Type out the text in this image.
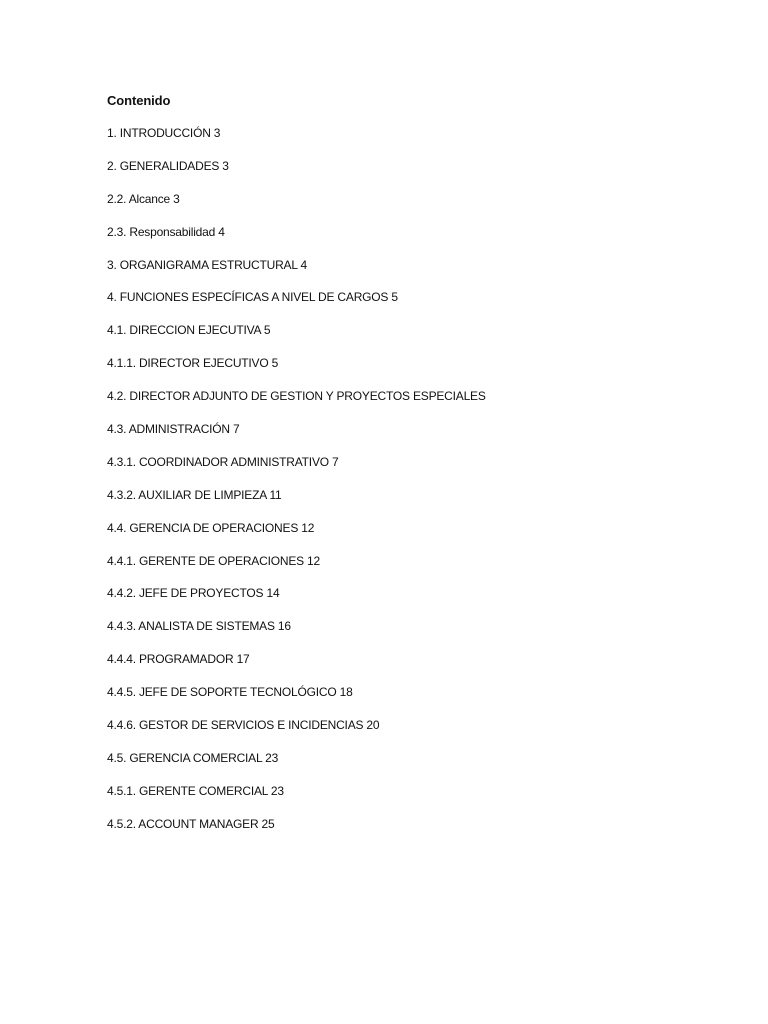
Contenido
1. INTRODUCCIÓN 3
2. GENERALIDADES 3
2.2. Alcance 3
2.3. Responsabilidad 4
3. ORGANIGRAMA ESTRUCTURAL 4
4. FUNCIONES ESPECÍFICAS A NIVEL DE CARGOS 5
4.1. DIRECCION EJECUTIVA 5
4.1.1. DIRECTOR EJECUTIVO 5
4.2. DIRECTOR ADJUNTO DE GESTION Y PROYECTOS ESPECIALES
4.3. ADMINISTRACIÓN 7
4.3.1. COORDINADOR ADMINISTRATIVO 7
4.3.2. AUXILIAR DE LIMPIEZA 11
4.4. GERENCIA DE OPERACIONES 12
4.4.1. GERENTE DE OPERACIONES 12
4.4.2. JEFE DE PROYECTOS 14
4.4.3. ANALISTA DE SISTEMAS 16
4.4.4. PROGRAMADOR 17
4.4.5. JEFE DE SOPORTE TECNOLÓGICO 18
4.4.6. GESTOR DE SERVICIOS E INCIDENCIAS 20
4.5. GERENCIA COMERCIAL 23
4.5.1. GERENTE COMERCIAL 23
4.5.2. ACCOUNT MANAGER 25
